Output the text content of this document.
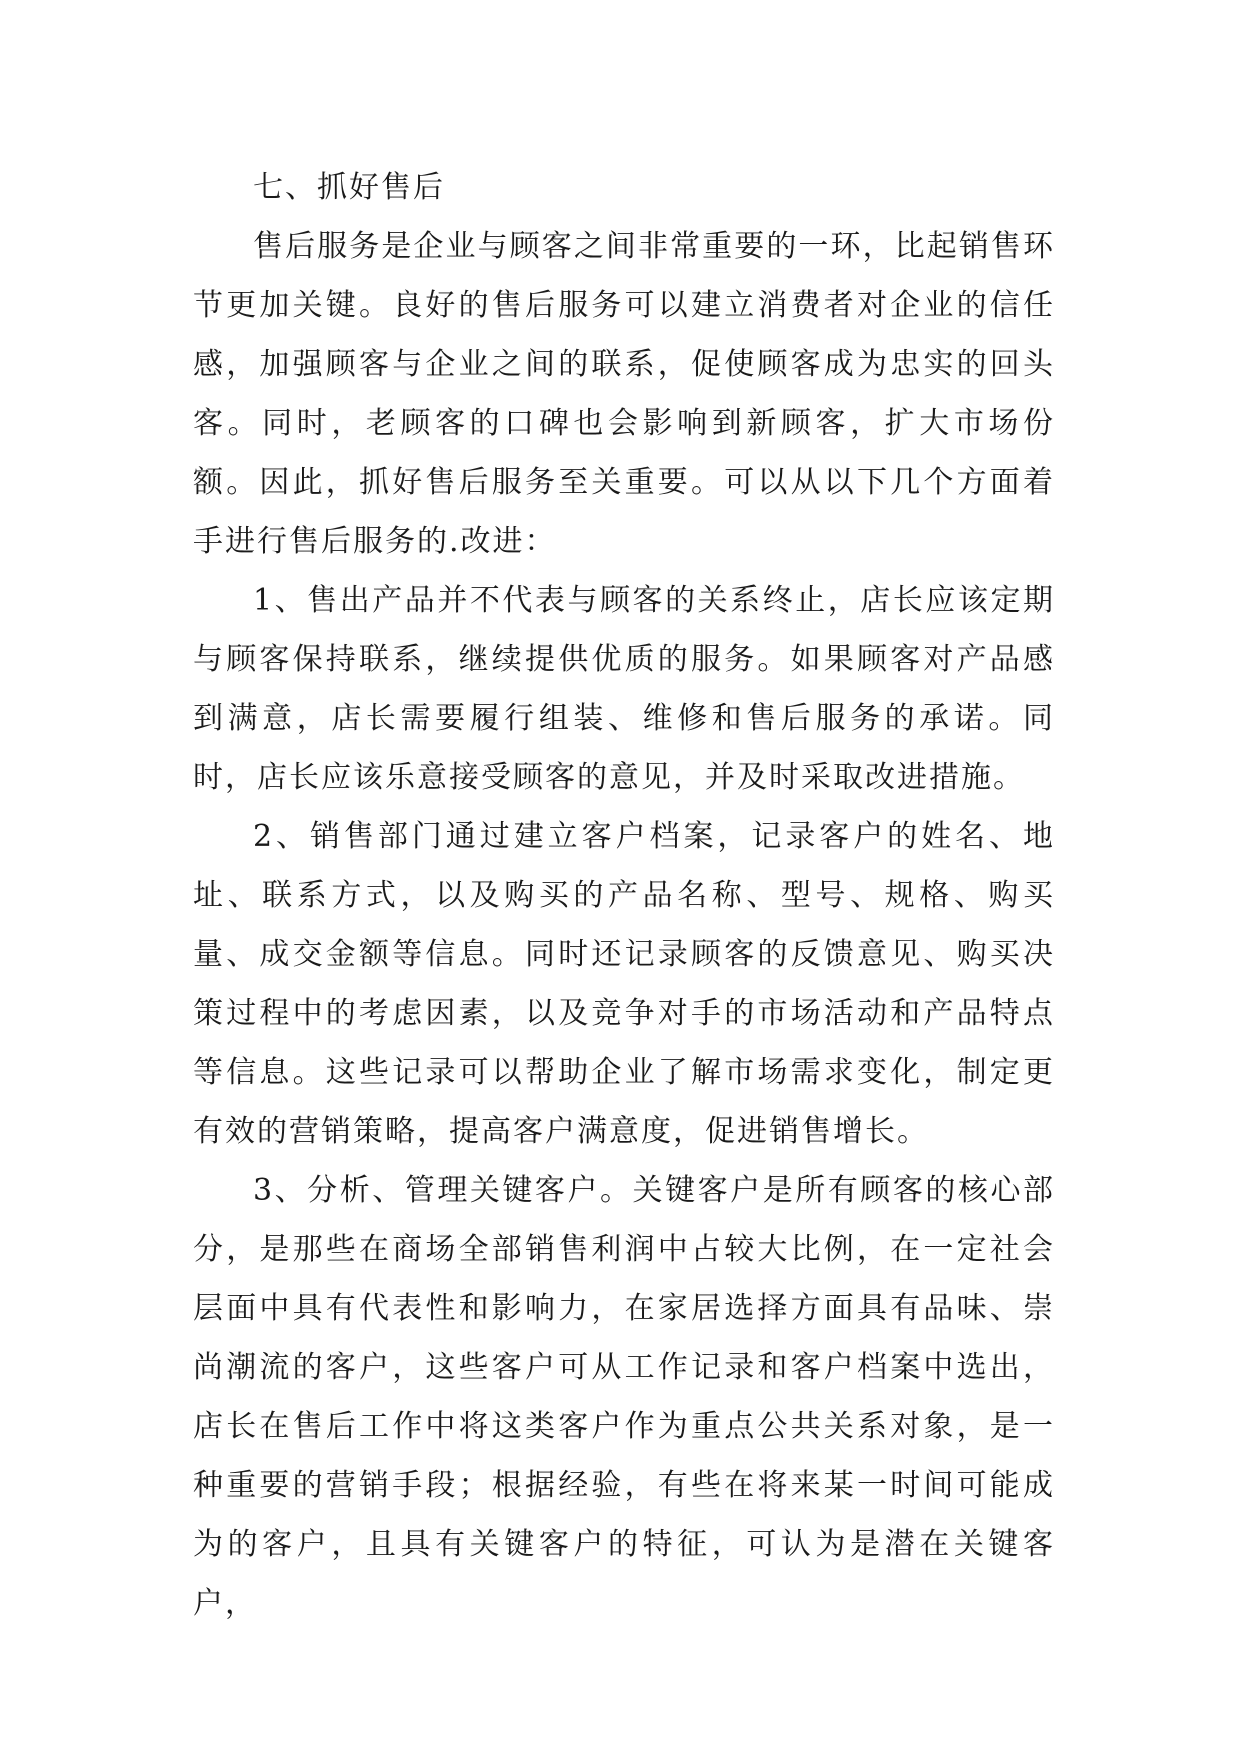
七、抓好售后

售后服务是企业与顾客之间非常重要的一环，比起销售环节更加关键。良好的售后服务可以建立消费者对企业的信任感，加强顾客与企业之间的联系，促使顾客成为忠实的回头客。同时，老顾客的口碑也会影响到新顾客，扩大市场份额。因此，抓好售后服务至关重要。可以从以下几个方面着手进行售后服务的.改进：

1、售出产品并不代表与顾客的关系终止，店长应该定期与顾客保持联系，继续提供优质的服务。如果顾客对产品感到满意，店长需要履行组装、维修和售后服务的承诺。同时，店长应该乐意接受顾客的意见，并及时采取改进措施。

2、销售部门通过建立客户档案，记录客户的姓名、地址、联系方式，以及购买的产品名称、型号、规格、购买量、成交金额等信息。同时还记录顾客的反馈意见、购买决策过程中的考虑因素，以及竞争对手的市场活动和产品特点等信息。这些记录可以帮助企业了解市场需求变化，制定更有效的营销策略，提高客户满意度，促进销售增长。

3、分析、管理关键客户。关键客户是所有顾客的核心部分，是那些在商场全部销售利润中占较大比例，在一定社会层面中具有代表性和影响力，在家居选择方面具有品味、崇尚潮流的客户，这些客户可从工作记录和客户档案中选出，店长在售后工作中将这类客户作为重点公共关系对象，是一种重要的营销手段；根据经验，有些在将来某一时间可能成为的客户，且具有关键客户的特征，可认为是潜在关键客户，
